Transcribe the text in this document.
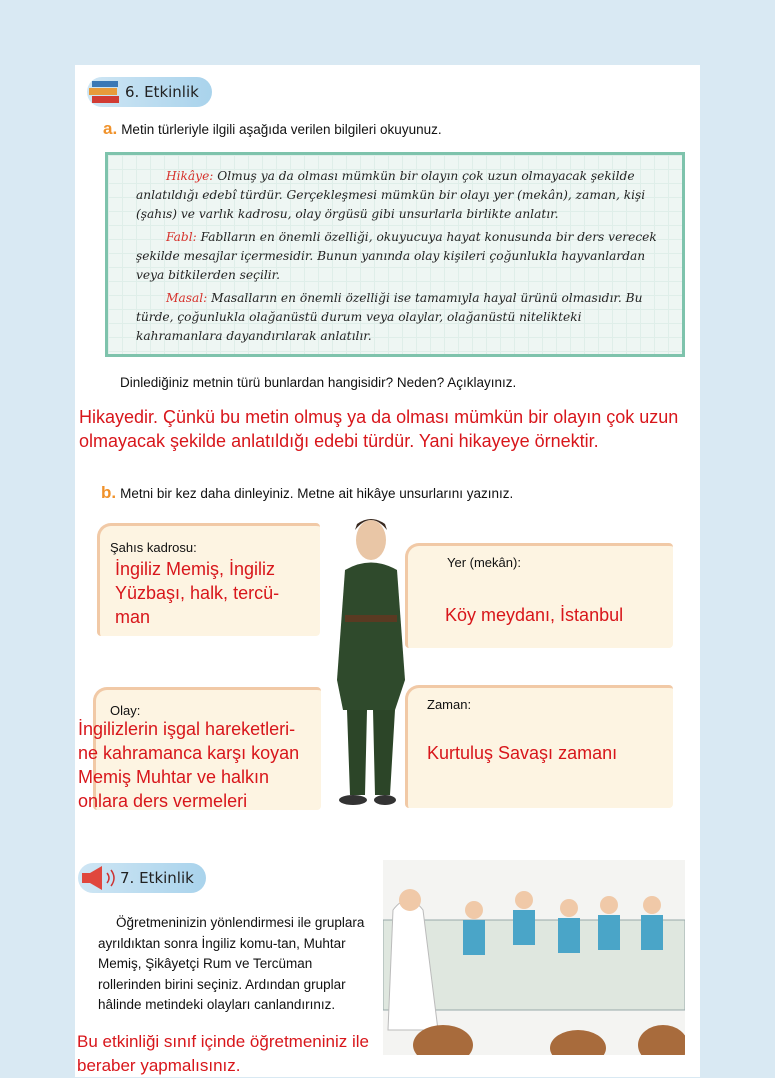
6. Etkinlik
a. Metin türleriyle ilgili aşağıda verilen bilgileri okuyunuz.

Hikâye: Olmuş ya da olması mümkün bir olayın çok uzun olmayacak şekilde anlatıldığı edebî türdür. Gerçekleşmesi mümkün bir olayı yer (mekân), zaman, kişi (şahıs) ve varlık kadrosu, olay örgüsü gibi unsurlarla birlikte anlatır.

Fabl: Fablların en önemli özelliği, okuyucuya hayat konusunda bir ders verecek şekilde mesajlar içermesidir. Bunun yanında olay kişileri çoğunlukla hayvanlardan veya bitkilerden seçilir.

Masal: Masalların en önemli özelliği ise tamamıyla hayal ürünü olmasıdır. Bu türde, çoğunlukla olağanüstü durum veya olaylar, olağanüstü nitelikteki kahramanlara dayandırılarak anlatılır.

Dinlediğiniz metnin türü bunlardan hangisidir? Neden? Açıklayınız.
Hikayedir. Çünkü bu metin olmuş ya da olması mümkün bir olayın çok uzun olmayacak şekilde anlatıldığı edebi türdür. Yani hikayeye örnektir.
b. Metni bir kez daha dinleyiniz. Metne ait hikâye unsurlarını yazınız.
Şahıs kadrosu:
İngiliz Memiş, İngiliz Yüzbaşı, halk, tercü-man
Yer (mekân):
Köy meydanı, İstanbul
Olay:
İngilizlerin işgal hareketleri-ne kahramanca karşı koyan Memiş Muhtar ve halkın onlara ders vermeleri
Zaman:
Kurtuluş Savaşı zamanı
7. Etkinlik
Öğretmeninizin yönlendirmesi ile gruplara ayrıldıktan sonra İngiliz komu-tan, Muhtar Memiş, Şikâyetçi Rum ve Tercüman rollerinden birini seçiniz. Ardından gruplar hâlinde metindeki olayları canlandırınız.
Bu etkinliği sınıf içinde öğretmeniniz ile beraber yapmalısınız.
